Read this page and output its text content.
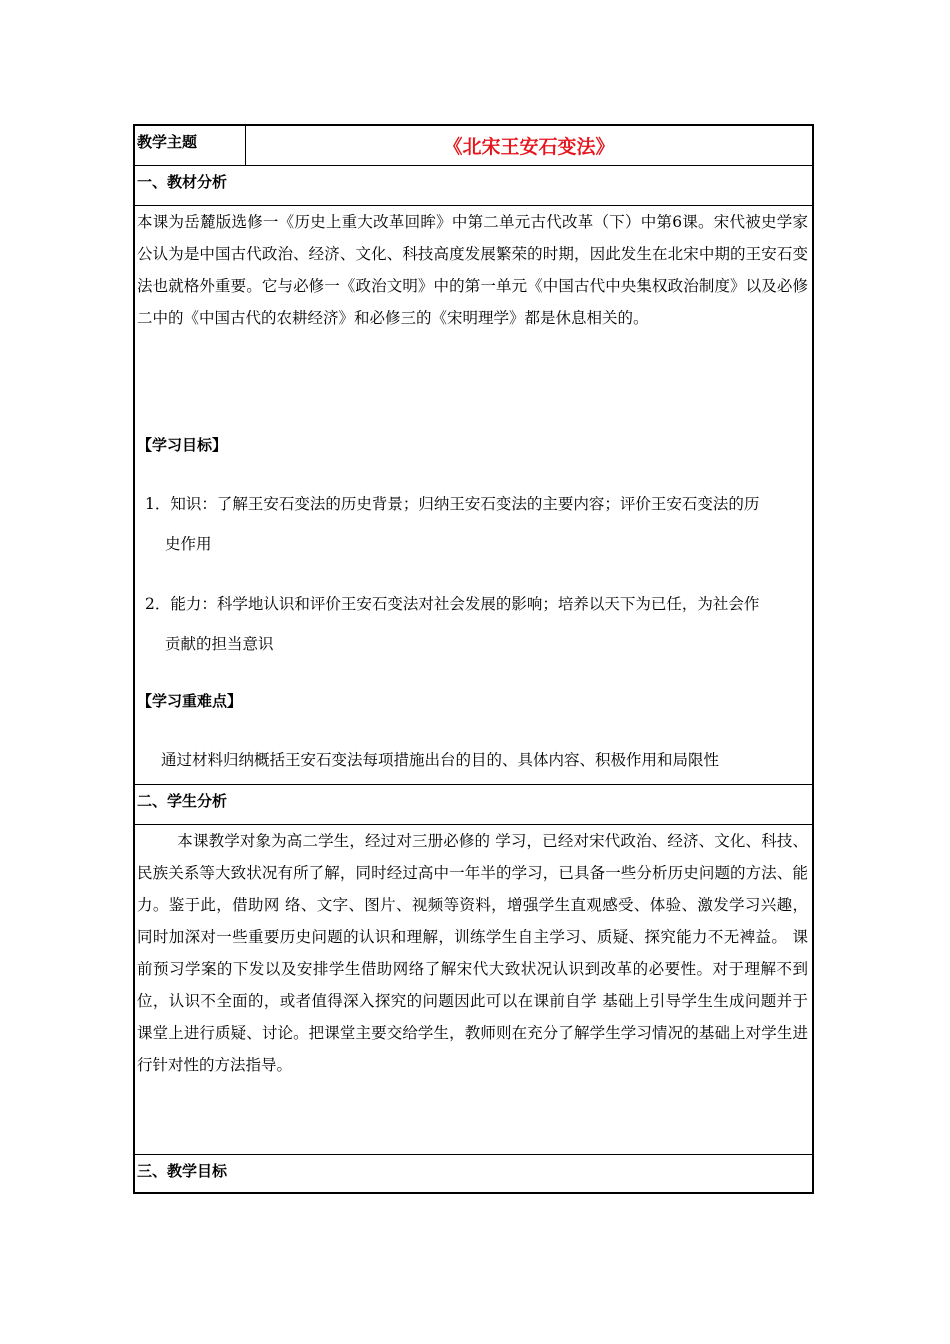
教学主题	《北宋王安石变法》
一、教材分析

本课为岳麓版选修一《历史上重大改革回眸》中第二单元古代改革（下）中第6课。宋代被史学家公认为是中国古代政治、经济、文化、科技高度发展繁荣的时期，因此发生在北宋中期的王安石变法也就格外重要。它与必修一《政治文明》中的第一单元《中国古代中央集权政治制度》以及必修二中的《中国古代的农耕经济》和必修三的《宋明理学》都是休息相关的。

【学习目标】
1．知识：了解王安石变法的历史背景；归纳王安石变法的主要内容；评价王安石变法的历
史作用
2．能力：科学地认识和评价王安石变法对社会发展的影响；培养以天下为已任，为社会作
贡献的担当意识
【学习重难点】
通过材料归纳概括王安石变法每项措施出台的目的、具体内容、积极作用和局限性
二、学生分析

本课教学对象为高二学生，经过对三册必修的 学习，已经对宋代政治、经济、文化、科技、民族关系等大致状况有所了解，同时经过高中一年半的学习，已具备一些分析历史问题的方法、能力。鉴于此，借助网 络、文字、图片、视频等资料，增强学生直观感受、体验、激发学习兴趣，同时加深对一些重要历史问题的认识和理解，训练学生自主学习、质疑、探究能力不无裨益。 课前预习学案的下发以及安排学生借助网络了解宋代大致状况认识到改革的必要性。对于理解不到位，认识不全面的，或者值得深入探究的问题因此可以在课前自学 基础上引导学生生成问题并于课堂上进行质疑、讨论。把课堂主要交给学生，教师则在充分了解学生学习情况的基础上对学生进行针对性的方法指导。

三、教学目标
